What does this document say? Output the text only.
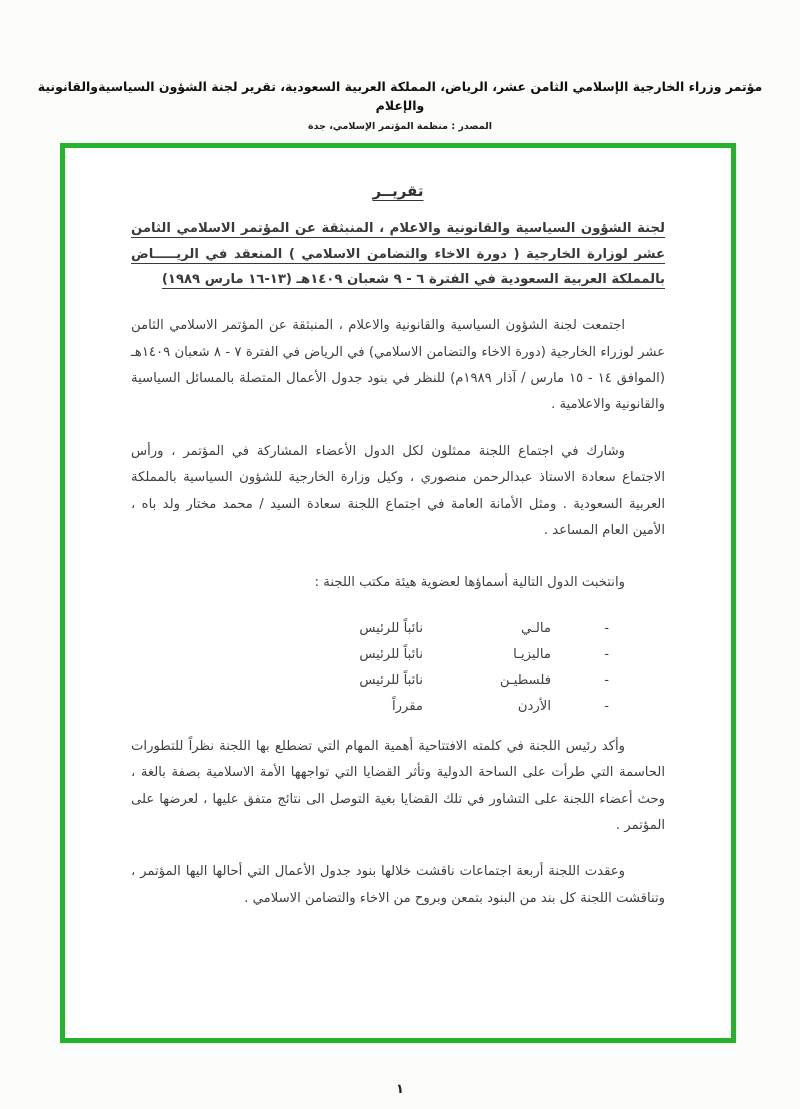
مؤتمر وزراء الخارجية الإسلامي الثامن عشر، الرياض، المملكة العربية السعودية، تقرير لجنة الشؤون السياسيةوالقانونية والإعلام
المصدر : منظمة المؤتمر الإسلامي، جدة
تقريــر

لجنة الشؤون السياسية والقانونية والاعلام ، المنبثقة عن المؤتمر الاسلامي الثامن

عشر لوزارة الخارجية ( دورة الاخاء والتضامن الاسلامي ) المنعقد في الريـــــاض

بالمملكة العربية السعودية في الفترة ٦ - ٩ شعبان ١٤٠٩هـ (١٣-١٦ مارس ١٩٨٩)

اجتمعت لجنة الشؤون السياسية والقانونية والاعلام ، المنبثقة عن المؤتمر الاسلامي الثامن عشر لوزراء الخارجية (دورة الاخاء والتضامن الاسلامي) في الرياض في الفترة ٧ - ٨ شعبان ١٤٠٩هـ (الموافق ١٤ - ١٥ مارس / آذار ١٩٨٩م) للنظر في بنود جدول الأعمال المتصلة بالمسائل السياسية والقانونية والاعلامية .

وشارك في اجتماع اللجنة ممثلون لكل الدول الأعضاء المشاركة في المؤتمر ، ورأس الاجتماع سعادة الاستاذ عبدالرحمن منصوري ، وكيل وزارة الخارجية للشؤون السياسية بالمملكة العربية السعودية . ومثل الأمانة العامة في اجتماع اللجنة سعادة السيد / محمد مختار ولد باه ، الأمين العام المساعد .

وانتخبت الدول التالية أسماؤها لعضوية هيئة مكتب اللجنة :

-
مالـي
نائباً للرئيس
-
ماليزيـا
نائباً للرئيس
-
فلسطيـن
نائباً للرئيس
-
الأردن
مقرراً

وأكد رئيس اللجنة في كلمته الافتتاحية أهمية المهام التي تضطلع بها اللجنة نظراً للتطورات الحاسمة التي طرأت على الساحة الدولية وتأثر القضايا التي تواجهها الأمة الاسلامية بصفة بالغة ، وحث أعضاء اللجنة على التشاور في تلك القضايا بغية التوصل الى نتائج متفق عليها ، لعرضها على المؤتمر .

وعقدت اللجنة أربعة اجتماعات ناقشت خلالها بنود جدول الأعمال التي أحالها اليها المؤتمر ، وتناقشت اللجنة كل بند من البنود بتمعن وبروح من الاخاء والتضامن الاسلامي .

١
